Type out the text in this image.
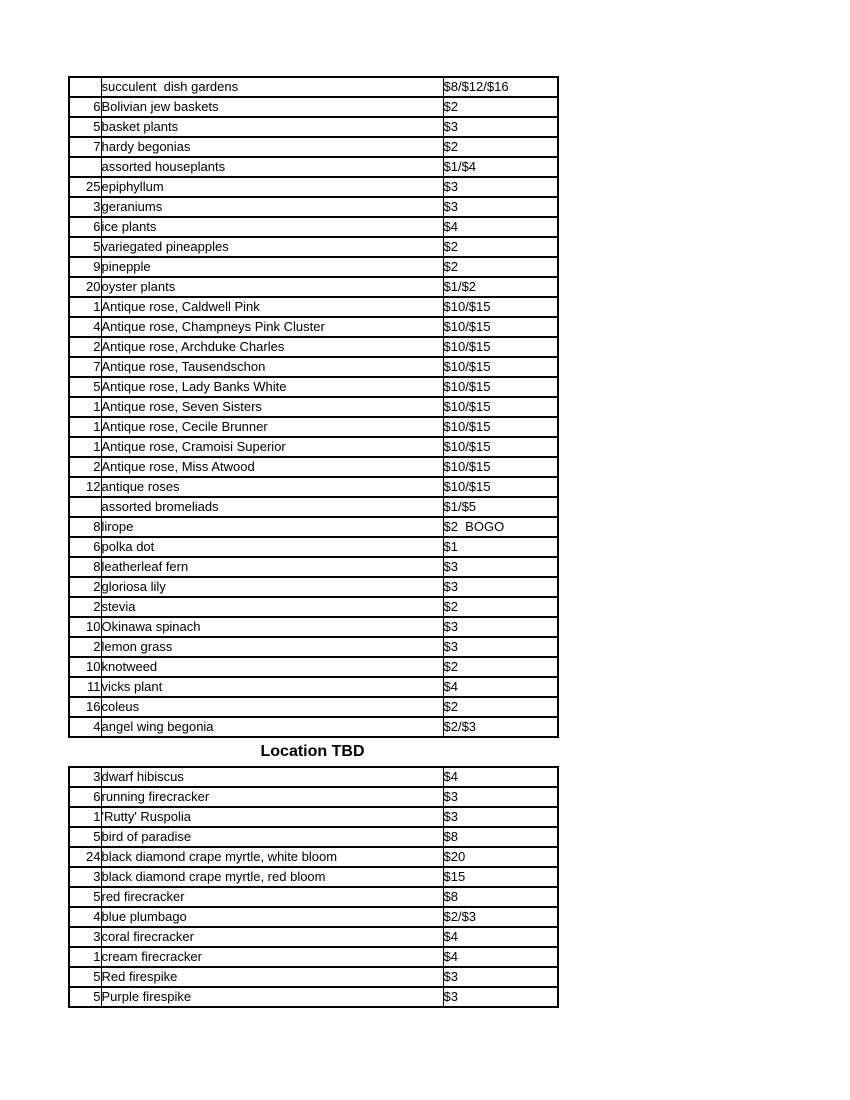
	succulent  dish gardens	$8/$12/$16
6	Bolivian jew baskets	$2
5	basket plants	$3
7	hardy begonias	$2
	assorted houseplants	$1/$4
25	epiphyllum	$3
3	geraniums	$3
6	ice plants	$4
5	variegated pineapples	$2
9	pinepple	$2
20	oyster plants	$1/$2
1	Antique rose, Caldwell Pink	$10/$15
4	Antique rose, Champneys Pink Cluster	$10/$15
2	Antique rose, Archduke Charles	$10/$15
7	Antique rose, Tausendschon	$10/$15
5	Antique rose, Lady Banks White	$10/$15
1	Antique rose, Seven Sisters	$10/$15
1	Antique rose, Cecile Brunner	$10/$15
1	Antique rose, Cramoisi Superior	$10/$15
2	Antique rose, Miss Atwood	$10/$15
12	antique roses	$10/$15
	assorted bromeliads	$1/$5
8	lirope	$2  BOGO
6	polka dot	$1
8	leatherleaf fern	$3
2	gloriosa lily	$3
2	stevia	$2
10	Okinawa spinach	$3
2	lemon grass	$3
10	knotweed	$2
11	vicks plant	$4
16	coleus	$2
4	angel wing begonia	$2/$3
Location TBD
3	dwarf hibiscus	$4
6	running firecracker	$3
1	'Rutty' Ruspolia	$3
5	bird of paradise	$8
24	black diamond crape myrtle, white bloom	$20
3	black diamond crape myrtle, red bloom	$15
5	red firecracker	$8
4	blue plumbago	$2/$3
3	coral firecracker	$4
1	cream firecracker	$4
5	Red firespike	$3
5	Purple firespike	$3
